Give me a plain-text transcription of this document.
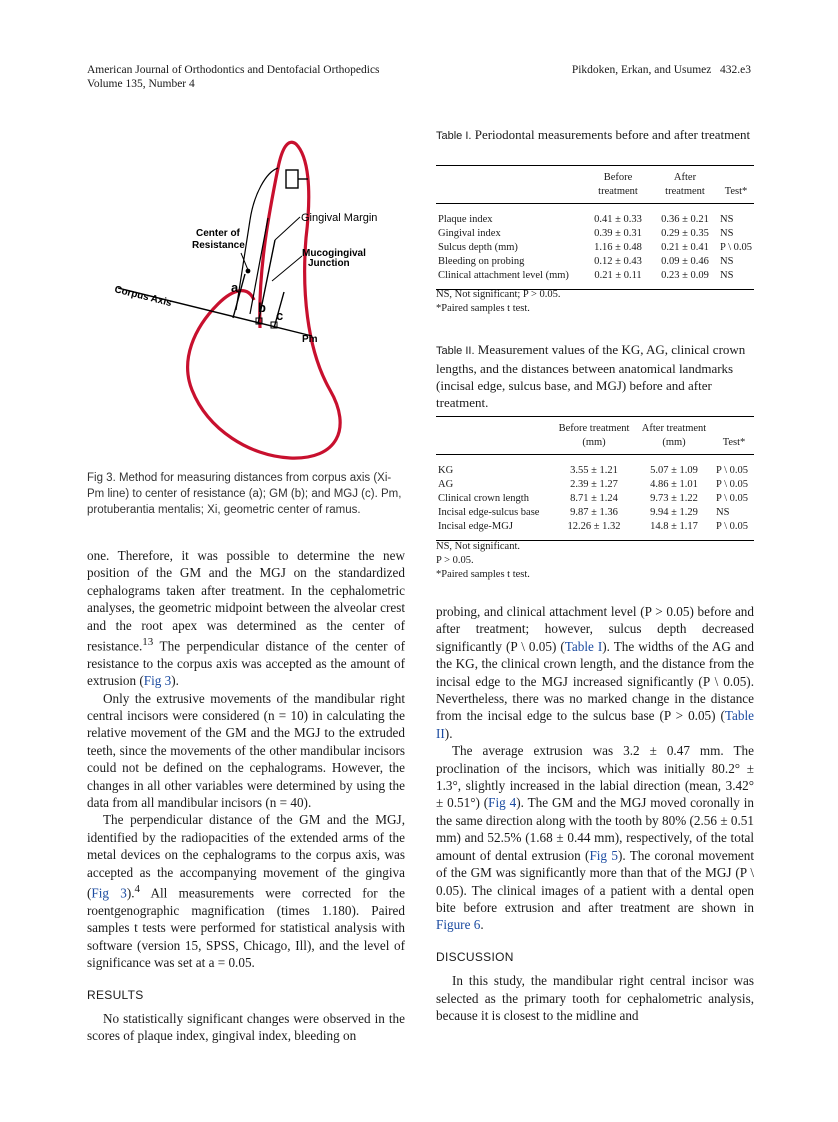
American Journal of Orthodontics and Dentofacial Orthopedics
Volume 135, Number 4
Pikdoken, Erkan, and Usumez 432.e3
Gingival Margin
Center of
Resistance
Mucogingival
Junction
Corpus Axis	a
b
c
Pm
Fig 3. Method for measuring distances from corpus axis (Xi-Pm line) to center of resistance (a); GM (b); and MGJ (c). Pm, protuberantia mentalis; Xi, geometric center of ramus.
Table I. Periodontal measurements before and after treatment
	Before treatment	After treatment	Test*
Plaque index	0.41 ± 0.33	0.36 ± 0.21	NS
Gingival index	0.39 ± 0.31	0.29 ± 0.35	NS
Sulcus depth (mm)	1.16 ± 0.48	0.21 ± 0.41	P \ 0.05
Bleeding on probing	0.12 ± 0.43	0.09 ± 0.46	NS
Clinical attachment level (mm)	0.21 ± 0.11	0.23 ± 0.09	NS
NS, Not significant; P > 0.05.
*Paired samples t test.
Table II. Measurement values of the KG, AG, clinical crown lengths, and the distances between anatomical landmarks (incisal edge, sulcus base, and MGJ) before and after treatment.
	Before treatment (mm)	After treatment (mm)	Test*
KG	3.55 ± 1.21	5.07 ± 1.09	P \ 0.05
AG	2.39 ± 1.27	4.86 ± 1.01	P \ 0.05
Clinical crown length	8.71 ± 1.24	9.73 ± 1.22	P \ 0.05
Incisal edge-sulcus base	9.87 ± 1.36	9.94 ± 1.29	NS
Incisal edge-MGJ	12.26 ± 1.32	14.8 ± 1.17	P \ 0.05
NS, Not significant.
P > 0.05.
*Paired samples t test.

one. Therefore, it was possible to determine the new position of the GM and the MGJ on the standardized cephalograms taken after treatment. In the cephalometric analyses, the geometric midpoint between the alveolar crest and the root apex was determined as the center of resistance.$^{13}$ The perpendicular distance of the center of resistance to the corpus axis was accepted as the amount of extrusion (Fig 3).

Only the extrusive movements of the mandibular right central incisors were considered (n = 10) in calculating the relative movement of the GM and the MGJ to the extruded teeth, since the movements of the other mandibular incisors could not be defined on the cephalograms. However, the changes in all other variables were determined by using the data from all mandibular incisors (n = 40).

The perpendicular distance of the GM and the MGJ, identified by the radiopacities of the extended arms of the metal devices on the cephalograms to the corpus axis, was accepted as the accompanying movement of the gingiva (Fig 3).$^4$ All measurements were corrected for the roentgenographic magnification (times 1.180). Paired samples t tests were performed for statistical analysis with software (version 15, SPSS, Chicago, Ill), and the level of significance was set at a = 0.05.

RESULTS

No statistically significant changes were observed in the scores of plaque index, gingival index, bleeding on

probing, and clinical attachment level (P > 0.05) before and after treatment; however, sulcus depth decreased significantly (P \ 0.05) (Table I). The widths of the AG and the KG, the clinical crown length, and the distance from the incisal edge to the MGJ increased significantly (P \ 0.05). Nevertheless, there was no marked change in the distance from the incisal edge to the sulcus base (P > 0.05) (Table II).

The average extrusion was 3.2 ± 0.47 mm. The proclination of the incisors, which was initially 80.2° ± 1.3°, slightly increased in the labial direction (mean, 3.42° ± 0.51°) (Fig 4). The GM and the MGJ moved coronally in the same direction along with the tooth by 80% (2.56 ± 0.51 mm) and 52.5% (1.68 ± 0.44 mm), respectively, of the total amount of dental extrusion (Fig 5). The coronal movement of the GM was significantly more than that of the MGJ (P \ 0.05). The clinical images of a patient with a dental open bite before extrusion and after treatment are shown in Figure 6.

DISCUSSION

In this study, the mandibular right central incisor was selected as the primary tooth for cephalometric analysis, because it is closest to the midline and
